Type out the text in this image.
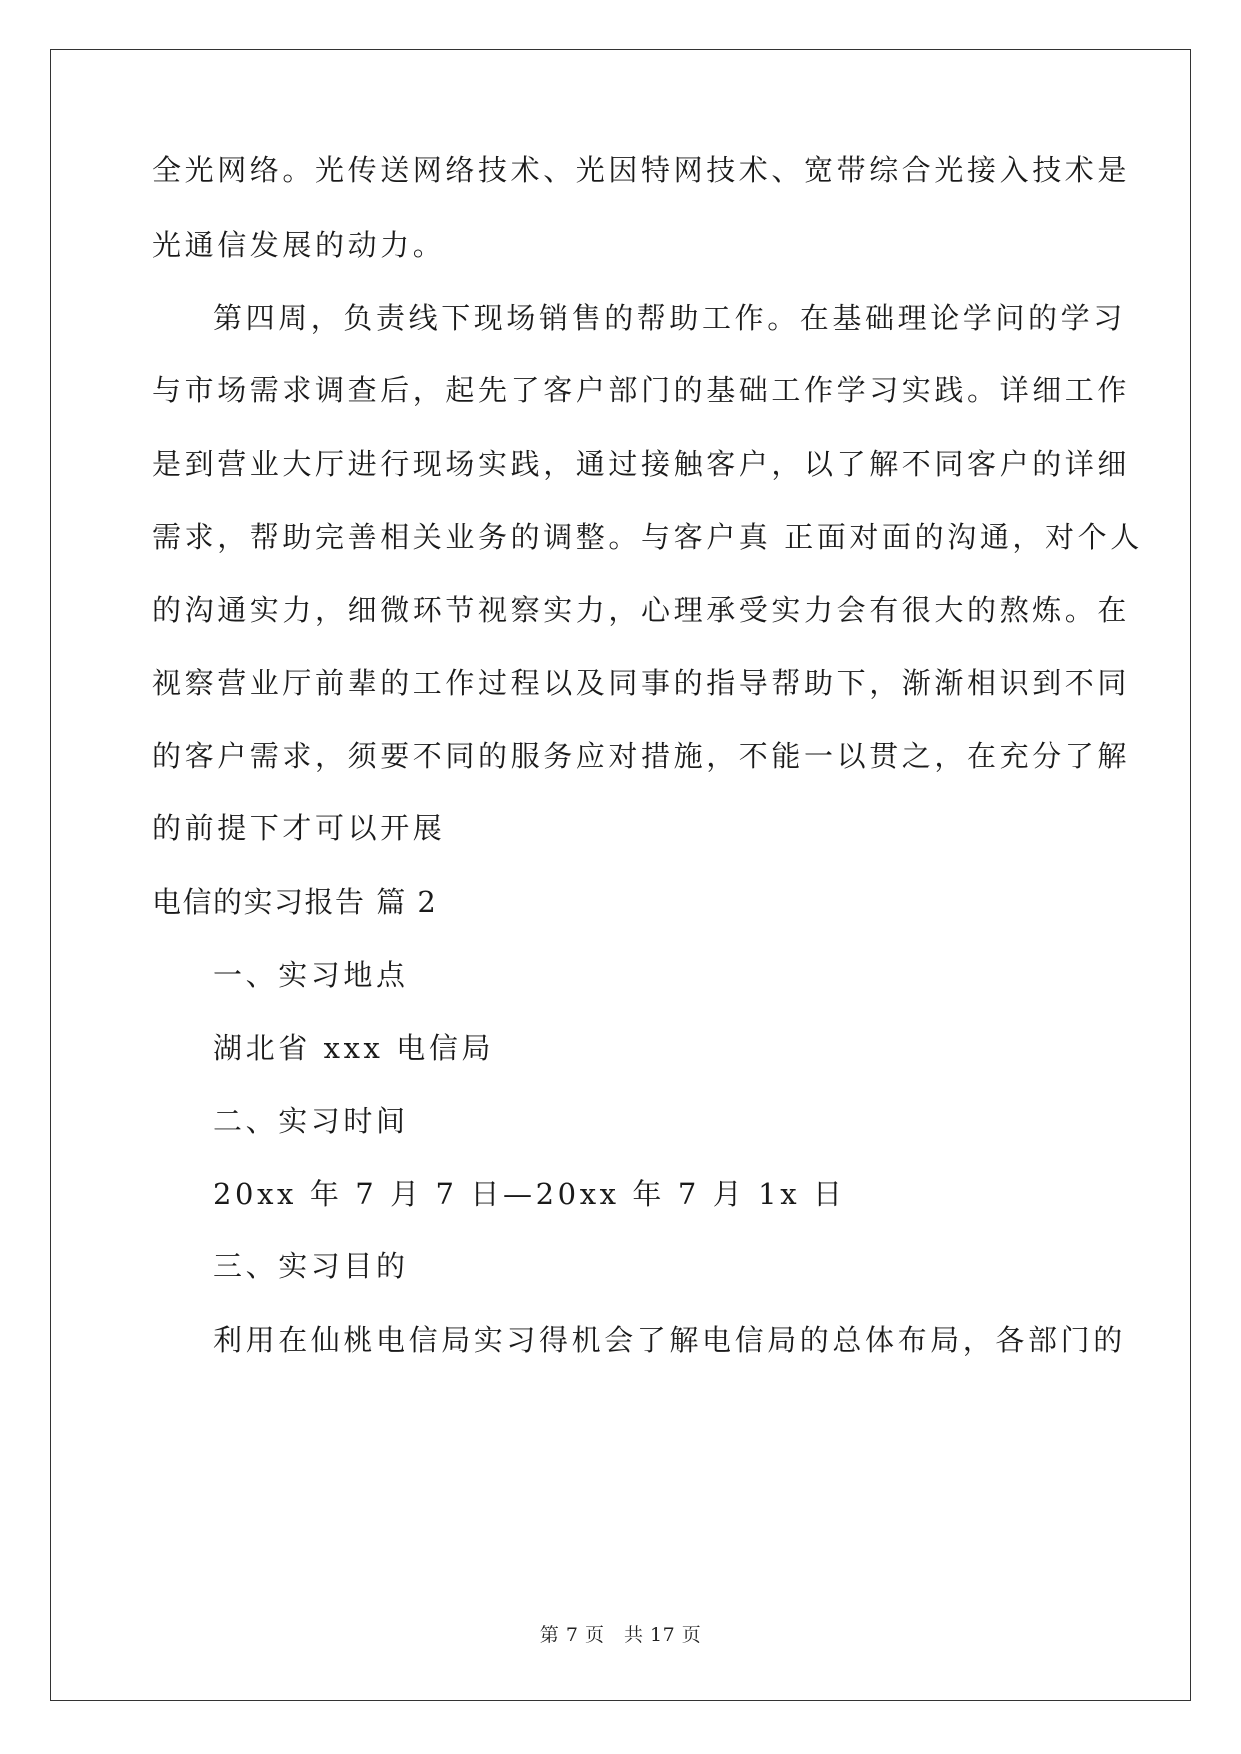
全光网络。光传送网络技术、光因特网技术、宽带综合光接入技术是
光通信发展的动力。
第四周，负责线下现场销售的帮助工作。在基础理论学问的学习
与市场需求调查后，起先了客户部门的基础工作学习实践。详细工作
是到营业大厅进行现场实践，通过接触客户，以了解不同客户的详细
需求，帮助完善相关业务的调整。与客户真 正面对面的沟通，对个人
的沟通实力，细微环节视察实力，心理承受实力会有很大的熬炼。在
视察营业厅前辈的工作过程以及同事的指导帮助下，渐渐相识到不同
的客户需求，须要不同的服务应对措施，不能一以贯之，在充分了解
的前提下才可以开展
电信的实习报告 篇 2
一、实习地点
湖北省 xxx 电信局
二、实习时间
20xx 年 7 月 7 日—20xx 年 7 月 1x 日
三、实习目的
利用在仙桃电信局实习得机会了解电信局的总体布局，各部门的
第 7 页　共 17 页
